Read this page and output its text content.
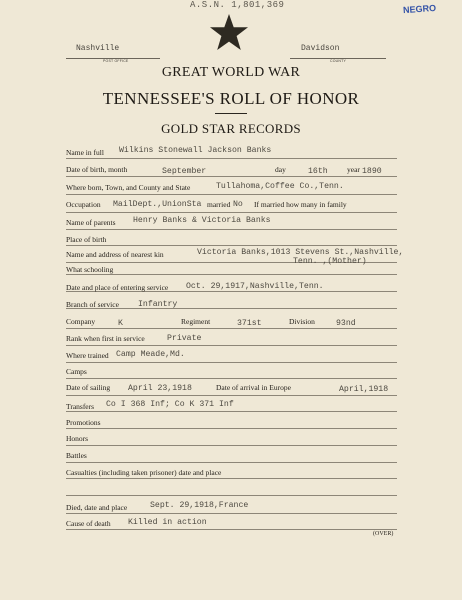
A.S.N. 1,801,369	NEGRO
Nashville
POST OFFICE
Davidson
COUNTY
GREAT WORLD WAR
TENNESSEE'S ROLL OF HONOR
GOLD STAR RECORDS
Name in full Wilkins Stonewall Jackson Banks
Date of birth, month	September	day	16th	year 1890
Where born, Town, and County and State	Tullahoma,Coffee Co.,Tenn.
Occupation MailDept.,UnionSta married No If married how many in family
Name of parents Henry Banks & Victoria Banks
Place of birth
Name and address of nearest kin	Victoria Banks,1013 Stevens St.,Nashville,
Tenn. ,(Mother)
What schooling
Date and place of entering service Oct. 29,1917,Nashville,Tenn.
Branch of service Infantry
Company	K	Regiment	371st	Division	93nd
Rank when first in service	Private
Where trained Camp Meade,Md.
Camps
Date of sailing April 23,1918	Date of arrival in Europe	April,1918
Transfers Co I 368 Inf; Co K 371 Inf
Promotions
Honors
Battles
Casualties (including taken prisoner) date and place
Died, date and place	Sept. 29,1918,France
Cause of death Killed in action
(OVER)
